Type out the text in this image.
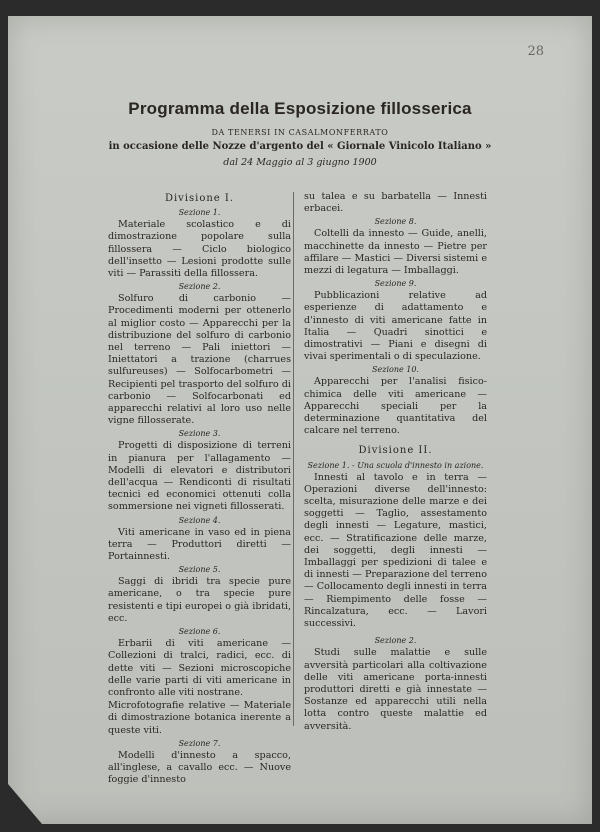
28
Programma della Esposizione fillosserica
DA TENERSI IN CASALMONFERRATO
in occasione delle Nozze d'argento del « Giornale Vinicolo Italiano »
dal 24 Maggio al 3 giugno 1900
Divisione I.
Sezione 1.
Materiale scolastico e di dimostrazione popolare sulla fillossera — Ciclo biologico dell'insetto — Lesioni prodotte sulle viti — Parassiti della fillossera.
Sezione 2.
Solfuro di carbonio — Procedimenti moderni per ottenerlo al miglior costo — Apparecchi per la distribuzione del solfuro di carbonio nel terreno — Pali iniettori — Iniettatori a trazione (charrues sulfureuses) — Solfocarbometri — Recipienti pel trasporto del solfuro di carbonio — Solfocarbonati ed apparecchi relativi al loro uso nelle vigne fillosserate.
Sezione 3.
Progetti di disposizione di terreni in pianura per l'allagamento — Modelli di elevatori e distributori dell'acqua — Rendiconti di risultati tecnici ed economici ottenuti colla sommersione nei vigneti fillosserati.
Sezione 4.
Viti americane in vaso ed in piena terra — Produttori diretti — Portainnesti.
Sezione 5.
Saggi di ibridi tra specie pure americane, o tra specie pure resistenti e tipi europei o già ibridati, ecc.
Sezione 6.
Erbarii di viti americane — Collezioni di tralci, radici, ecc. di dette viti — Sezioni microscopiche delle varie parti di viti americane in confronto alle viti nostrane.
Microfotografie relative — Materiale di dimostrazione botanica inerente a queste viti.
Sezione 7.
Modelli d'innesto a spacco, all'inglese, a cavallo ecc. — Nuove foggie d'innesto
su talea e su barbatella — Innesti erbacei.
Sezione 8.
Coltelli da innesto — Guide, anelli, macchinette da innesto — Pietre per affilare — Mastici — Diversi sistemi e mezzi di legatura — Imballaggi.
Sezione 9.
Pubblicazioni relative ad esperienze di adattamento e d'innesto di viti americane fatte in Italia — Quadri sinottici e dimostrativi — Piani e disegni di vivai sperimentali o di speculazione.
Sezione 10.
Apparecchi per l'analisi fisico-chimica delle viti americane — Apparecchi speciali per la determinazione quantitativa del calcare nel terreno.
Divisione II.
Sezione 1. - Una scuola d'innesto in azione.
Innesti al tavolo e in terra — Operazioni diverse dell'innesto: scelta, misurazione delle marze e dei soggetti — Taglio, assestamento degli innesti — Legature, mastici, ecc. — Stratificazione delle marze, dei soggetti, degli innesti — Imballaggi per spedizioni di talee e di innesti — Preparazione del terreno — Collocamento degli innesti in terra — Riempimento delle fosse — Rincalzatura, ecc. — Lavori successivi.
Sezione 2.
Studi sulle malattie e sulle avversità particolari alla coltivazione delle viti americane porta-innesti produttori diretti e già innestate — Sostanze ed apparecchi utili nella lotta contro queste malattie ed avversità.
